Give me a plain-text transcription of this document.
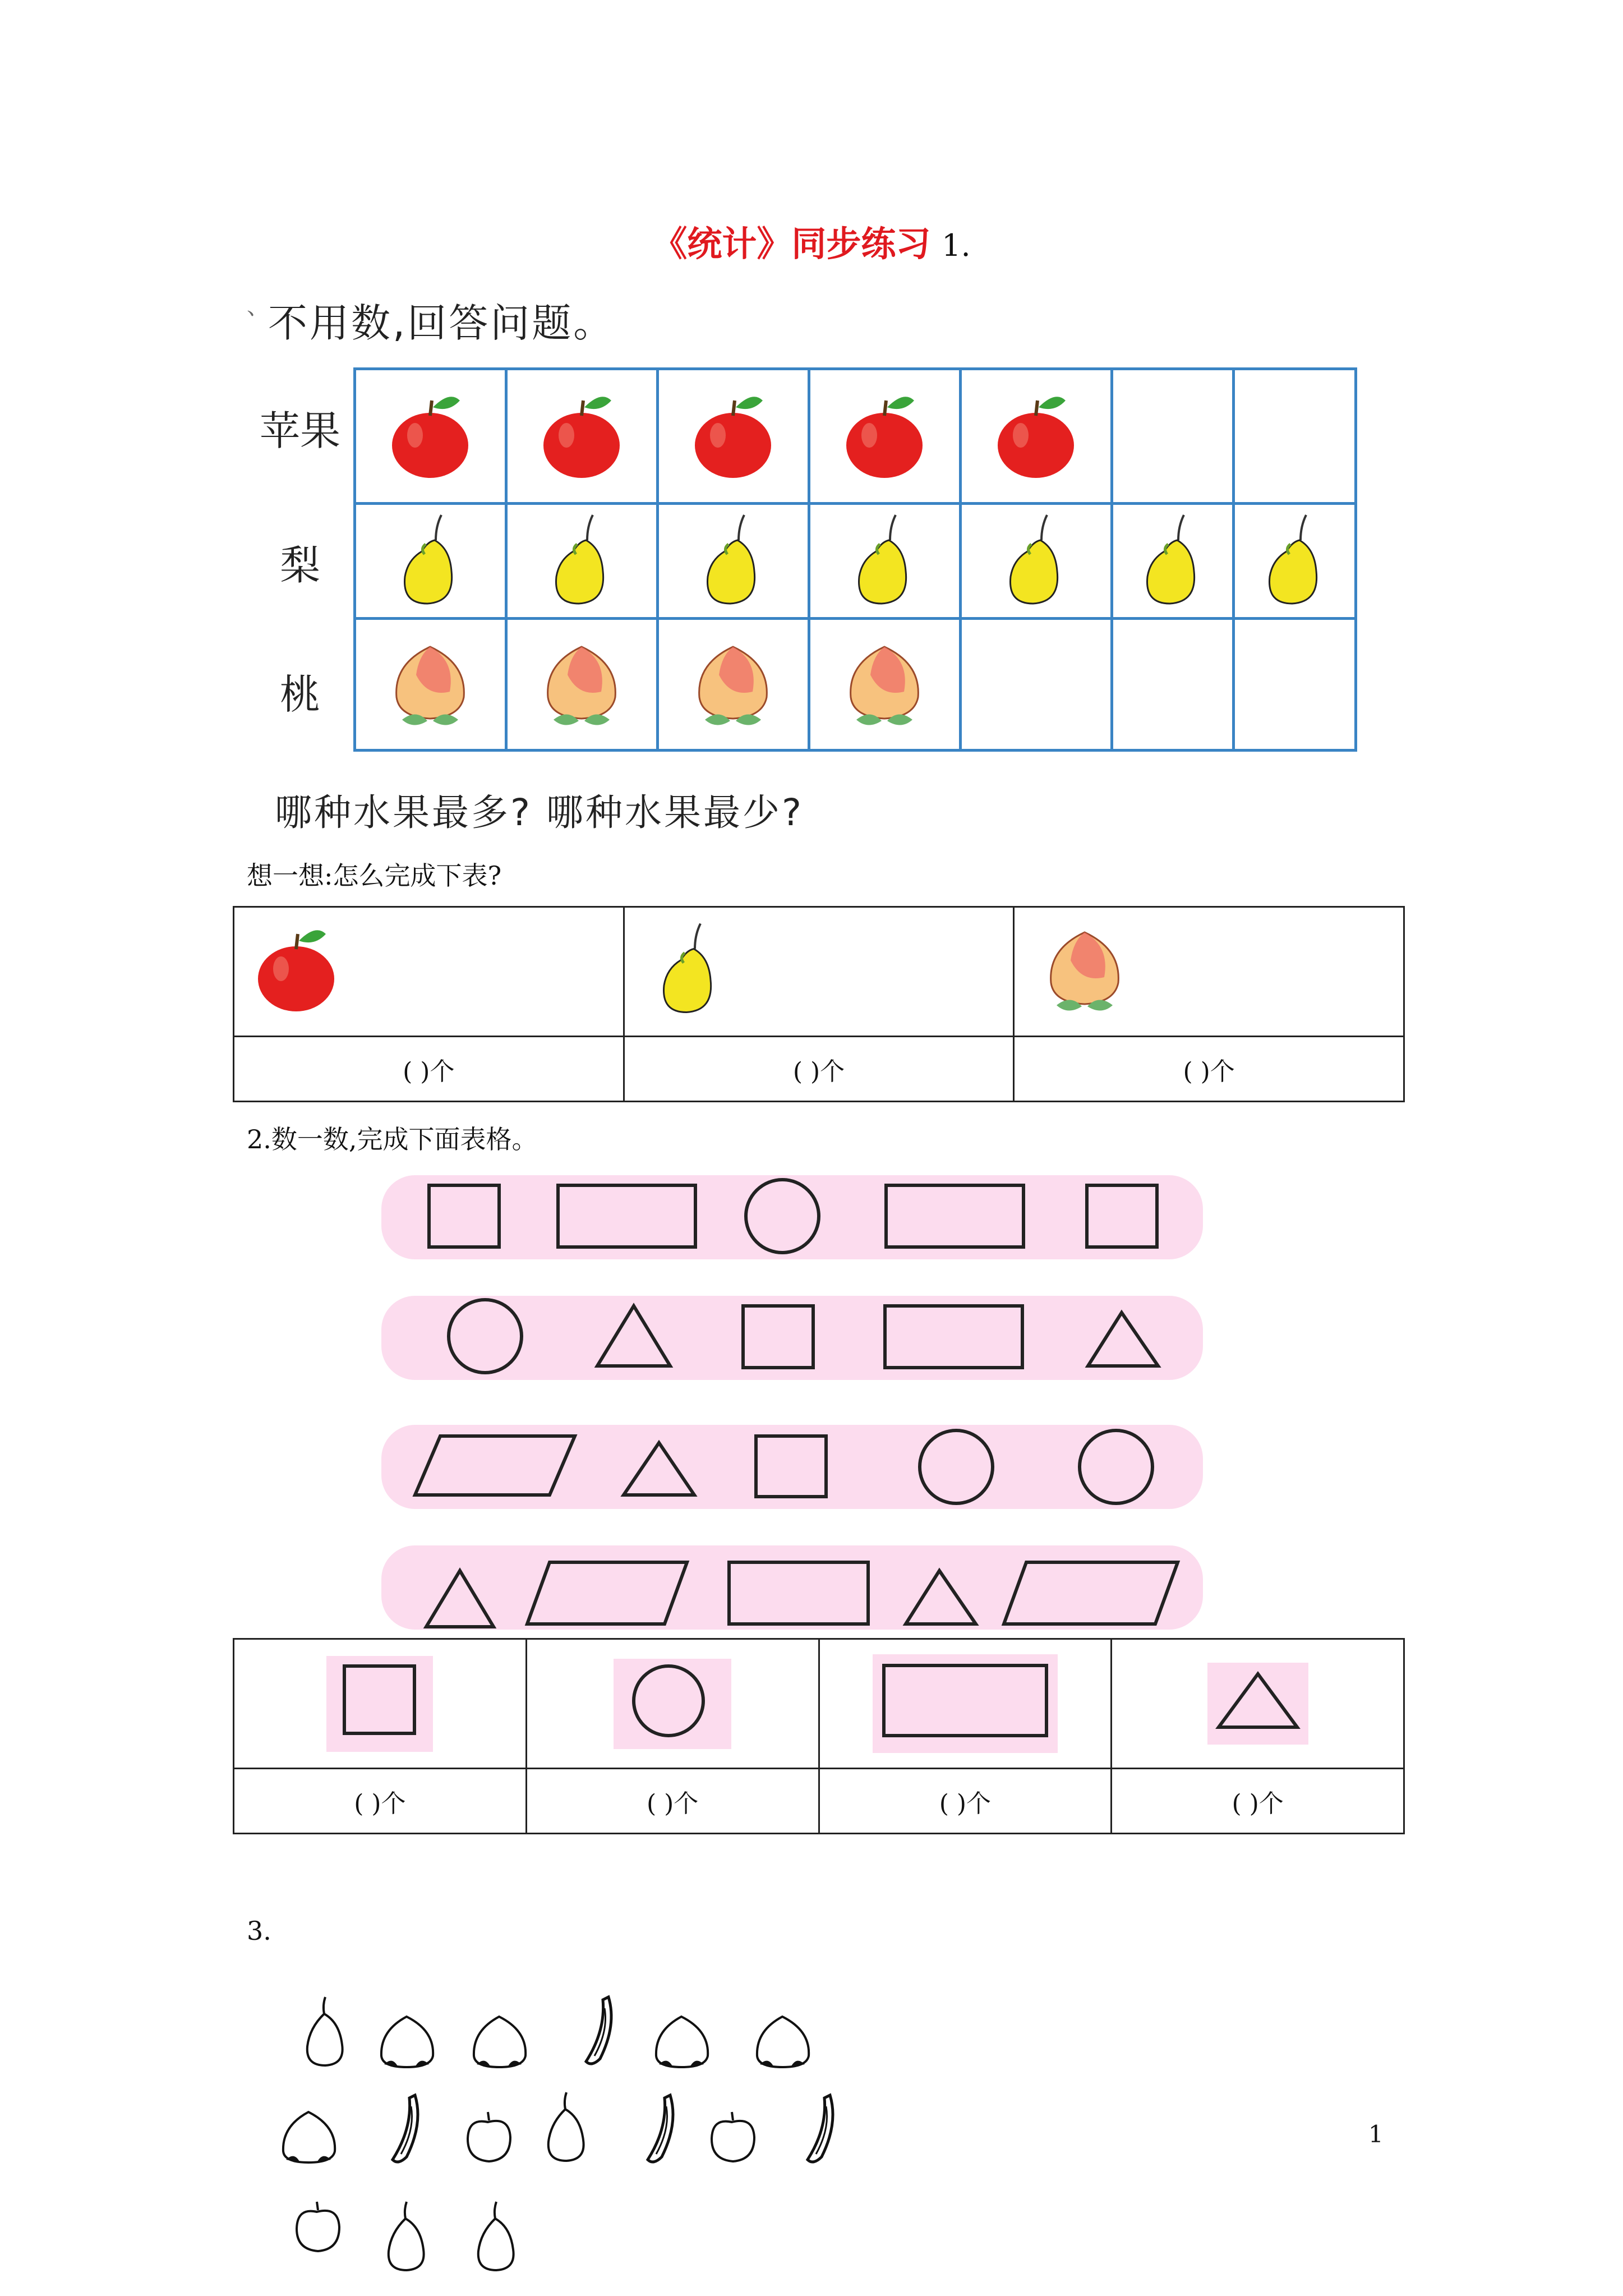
《统计》同步练习 1.
、
不用数,回答问题。
苹果
梨
桃

哪种水果最多? 哪种水果最少?
想一想:怎么完成下表?

( )个	( )个	( )个
2.数一数,完成下面表格。

( )个	( )个	( )个	( )个
3.
1
